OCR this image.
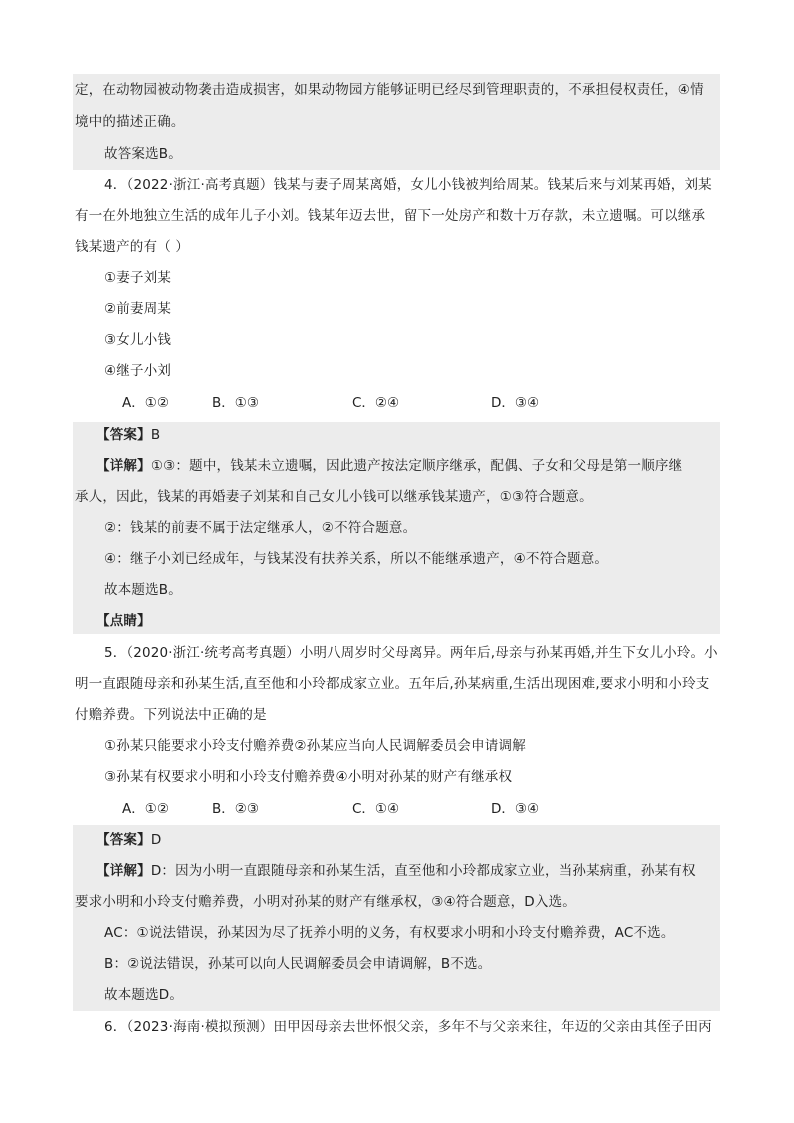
定，在动物园被动物袭击造成损害，如果动物园方能够证明已经尽到管理职责的，不承担侵权责任，④情
境中的描述正确。
故答案选B。
4．（2022·浙江·高考真题）钱某与妻子周某离婚，女儿小钱被判给周某。钱某后来与刘某再婚，刘某
有一在外地独立生活的成年儿子小刘。钱某年迈去世，留下一处房产和数十万存款，未立遗嘱。可以继承
钱某遗产的有（ ）
①妻子刘某
②前妻周某
③女儿小钱
④继子小刘
A．①②	B．①③	C．②④	D．③④
【答案】B
【详解】①③：题中，钱某未立遗嘱，因此遗产按法定顺序继承，配偶、子女和父母是第一顺序继
承人，因此，钱某的再婚妻子刘某和自己女儿小钱可以继承钱某遗产，①③符合题意。
②：钱某的前妻不属于法定继承人，②不符合题意。
④：继子小刘已经成年，与钱某没有扶养关系，所以不能继承遗产，④不符合题意。
故本题选B。
【点睛】
5．（2020·浙江·统考高考真题）小明八周岁时父母离异。两年后,母亲与孙某再婚,并生下女儿小玲。小
明一直跟随母亲和孙某生活,直至他和小玲都成家立业。五年后,孙某病重,生活出现困难,要求小明和小玲支
付赡养费。下列说法中正确的是
①孙某只能要求小玲支付赡养费②孙某应当向人民调解委员会申请调解
③孙某有权要求小明和小玲支付赡养费④小明对孙某的财产有继承权
A．①②	B．②③	C．①④	D．③④
【答案】D
【详解】D：因为小明一直跟随母亲和孙某生活，直至他和小玲都成家立业，当孙某病重，孙某有权
要求小明和小玲支付赡养费，小明对孙某的财产有继承权，③④符合题意，D入选。
AC：①说法错误，孙某因为尽了抚养小明的义务，有权要求小明和小玲支付赡养费，AC不选。
B：②说法错误，孙某可以向人民调解委员会申请调解，B不选。
故本题选D。
6．（2023·海南·模拟预测）田甲因母亲去世怀恨父亲，多年不与父亲来往，年迈的父亲由其侄子田丙
